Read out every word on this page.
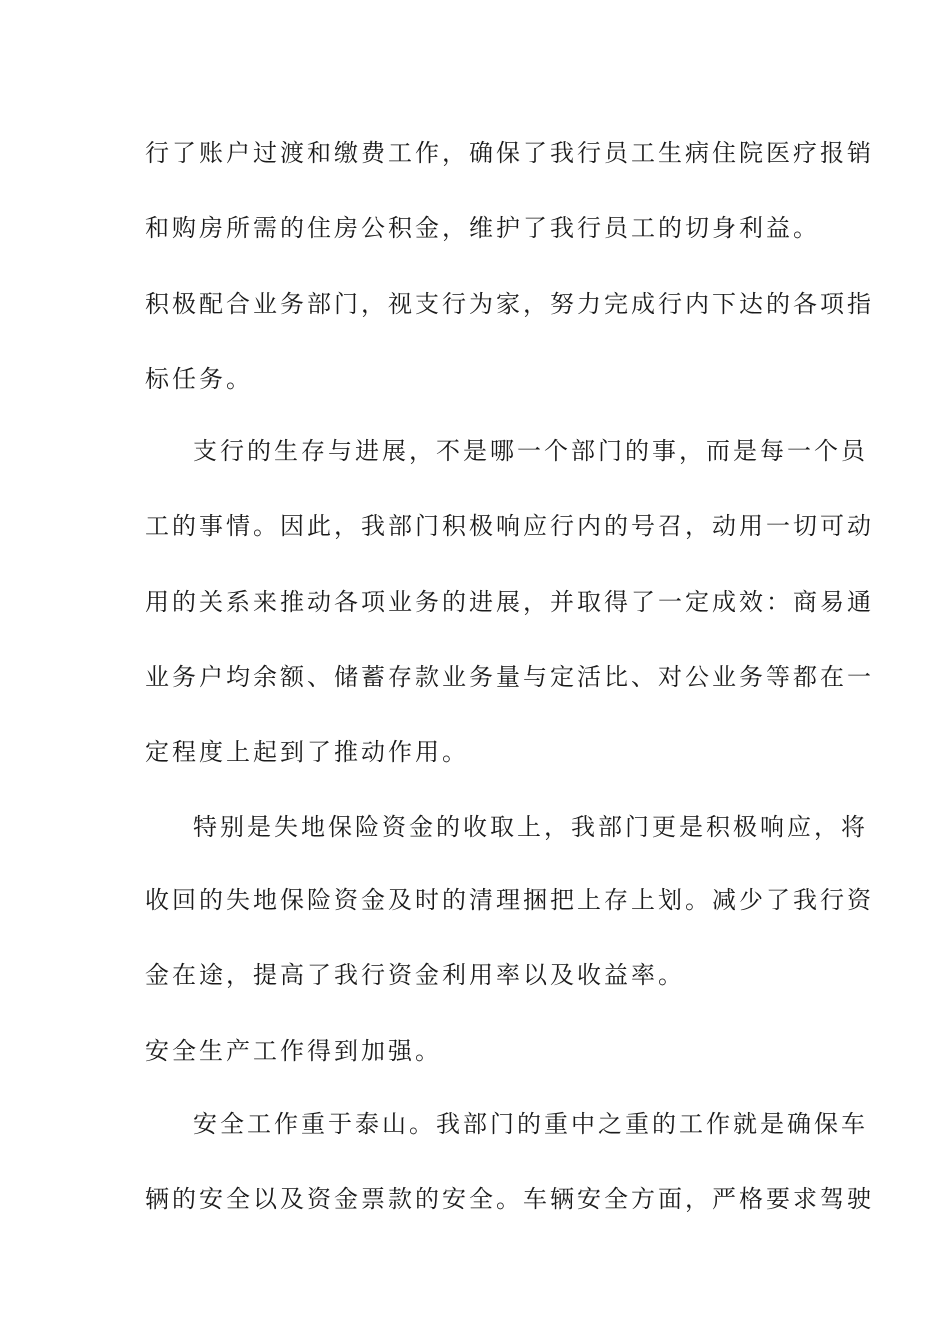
行了账户过渡和缴费工作，确保了我行员工生病住院医疗报销
和购房所需的住房公积金，维护了我行员工的切身利益。
积极配合业务部门，视支行为家，努力完成行内下达的各项指
标任务。
支行的生存与进展，不是哪一个部门的事，而是每一个员
工的事情。因此，我部门积极响应行内的号召，动用一切可动
用的关系来推动各项业务的进展，并取得了一定成效：商易通
业务户均余额、储蓄存款业务量与定活比、对公业务等都在一
定程度上起到了推动作用。
特别是失地保险资金的收取上，我部门更是积极响应，将
收回的失地保险资金及时的清理捆把上存上划。减少了我行资
金在途，提高了我行资金利用率以及收益率。
安全生产工作得到加强。
安全工作重于泰山。我部门的重中之重的工作就是确保车
辆的安全以及资金票款的安全。车辆安全方面，严格要求驾驶
